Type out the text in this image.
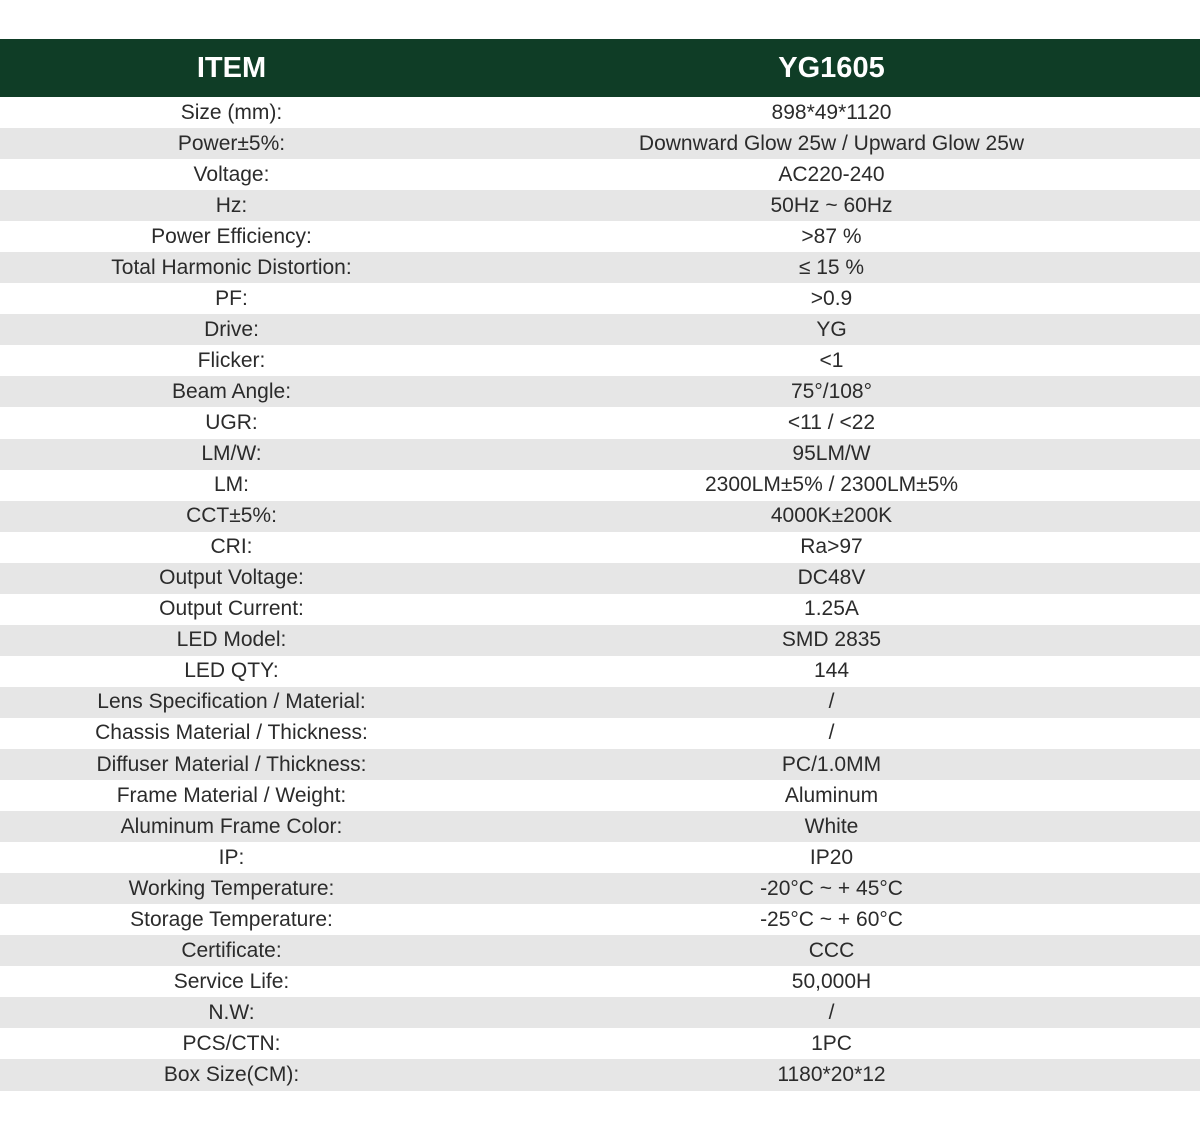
ITEM	YG1605
Size (mm):	898*49*1120
Power±5%:	Downward Glow 25w / Upward Glow 25w
Voltage:	AC220-240
Hz:	50Hz ~ 60Hz
Power Efficiency:	>87 %
Total Harmonic Distortion:	≤ 15 %
PF:	>0.9
Drive:	YG
Flicker:	<1
Beam Angle:	75°/108°
UGR:	<11 / <22
LM/W:	95LM/W
LM:	2300LM±5% / 2300LM±5%
CCT±5%:	4000K±200K
CRI:	Ra>97
Output Voltage:	DC48V
Output Current:	1.25A
LED Model:	SMD 2835
LED QTY:	144
Lens Specification / Material:	/
Chassis Material / Thickness:	/
Diffuser Material / Thickness:	PC/1.0MM
Frame Material / Weight:	Aluminum
Aluminum Frame Color:	White
IP:	IP20
Working Temperature:	-20°C ~ + 45°C
Storage Temperature:	-25°C ~ + 60°C
Certificate:	CCC
Service Life:	50,000H
N.W:	/
PCS/CTN:	1PC
Box Size(CM):	1180*20*12
